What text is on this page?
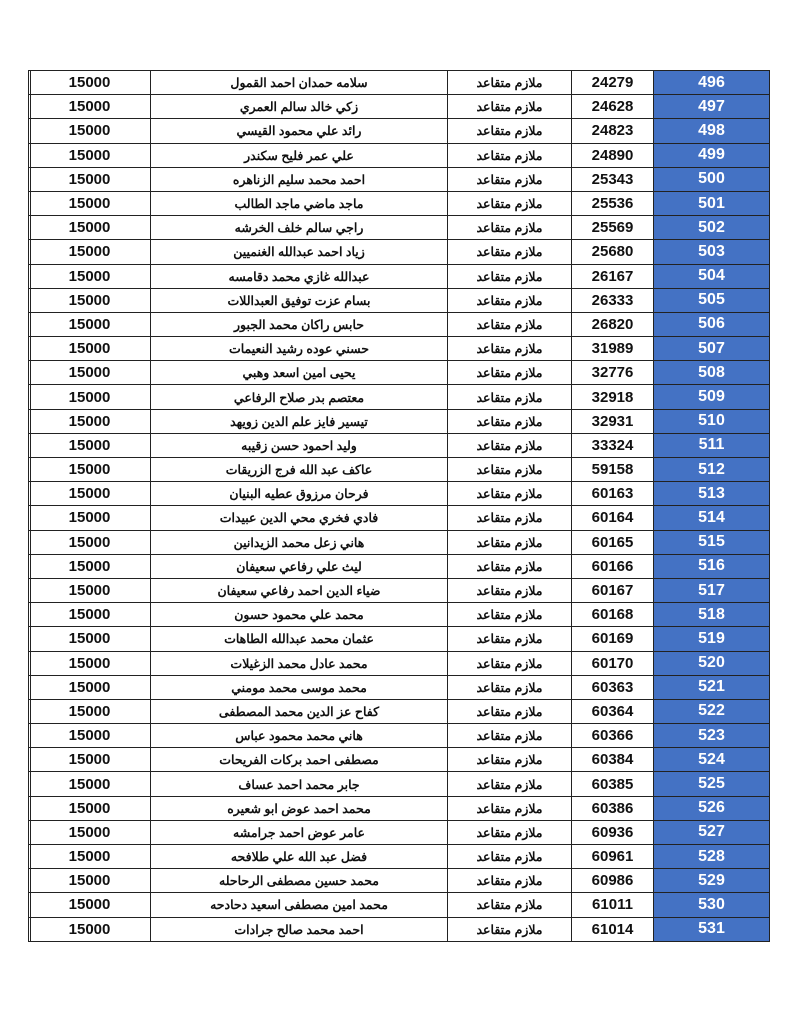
15000	سلامه حمدان احمد القمول	ملازم متقاعد	24279	496
15000	زكي خالد سالم العمري	ملازم متقاعد	24628	497
15000	رائد علي محمود القيسي	ملازم متقاعد	24823	498
15000	علي عمر فليح سكندر	ملازم متقاعد	24890	499
15000	احمد محمد سليم الزناهره	ملازم متقاعد	25343	500
15000	ماجد ماضي ماجد الطالب	ملازم متقاعد	25536	501
15000	راجي سالم خلف الخرشه	ملازم متقاعد	25569	502
15000	زياد احمد عبدالله الغنميين	ملازم متقاعد	25680	503
15000	عبدالله غازي محمد دقامسه	ملازم متقاعد	26167	504
15000	بسام عزت توفيق العبداللات	ملازم متقاعد	26333	505
15000	حابس راكان محمد الجبور	ملازم متقاعد	26820	506
15000	حسني عوده رشيد النعيمات	ملازم متقاعد	31989	507
15000	يحيى امين اسعد وهبي	ملازم متقاعد	32776	508
15000	معتصم بدر صلاح الرفاعي	ملازم متقاعد	32918	509
15000	تيسير فايز علم الدين زويهد	ملازم متقاعد	32931	510
15000	وليد احمود حسن زقيبه	ملازم متقاعد	33324	511
15000	عاكف عبد الله فرج الزريقات	ملازم متقاعد	59158	512
15000	فرحان مرزوق عطيه البنيان	ملازم متقاعد	60163	513
15000	فادي فخري محي الدين عبيدات	ملازم متقاعد	60164	514
15000	هاني زعل محمد الزيدانين	ملازم متقاعد	60165	515
15000	ليث علي رفاعي سعيفان	ملازم متقاعد	60166	516
15000	ضياء الدين احمد رفاعي سعيفان	ملازم متقاعد	60167	517
15000	محمد علي محمود حسون	ملازم متقاعد	60168	518
15000	عثمان محمد عبدالله الطاهات	ملازم متقاعد	60169	519
15000	محمد عادل محمد الزغيلات	ملازم متقاعد	60170	520
15000	محمد موسى محمد مومني	ملازم متقاعد	60363	521
15000	كفاح عز الدين محمد المصطفى	ملازم متقاعد	60364	522
15000	هاني محمد محمود عباس	ملازم متقاعد	60366	523
15000	مصطفى احمد بركات الفريحات	ملازم متقاعد	60384	524
15000	جابر محمد احمد عساف	ملازم متقاعد	60385	525
15000	محمد احمد عوض ابو شعيره	ملازم متقاعد	60386	526
15000	عامر عوض احمد جرامشه	ملازم متقاعد	60936	527
15000	فضل عبد الله علي طلافحه	ملازم متقاعد	60961	528
15000	محمد حسين مصطفى الرحاحله	ملازم متقاعد	60986	529
15000	محمد امين مصطفى اسعيد دحادحه	ملازم متقاعد	61011	530
15000	احمد محمد صالح جرادات	ملازم متقاعد	61014	531
